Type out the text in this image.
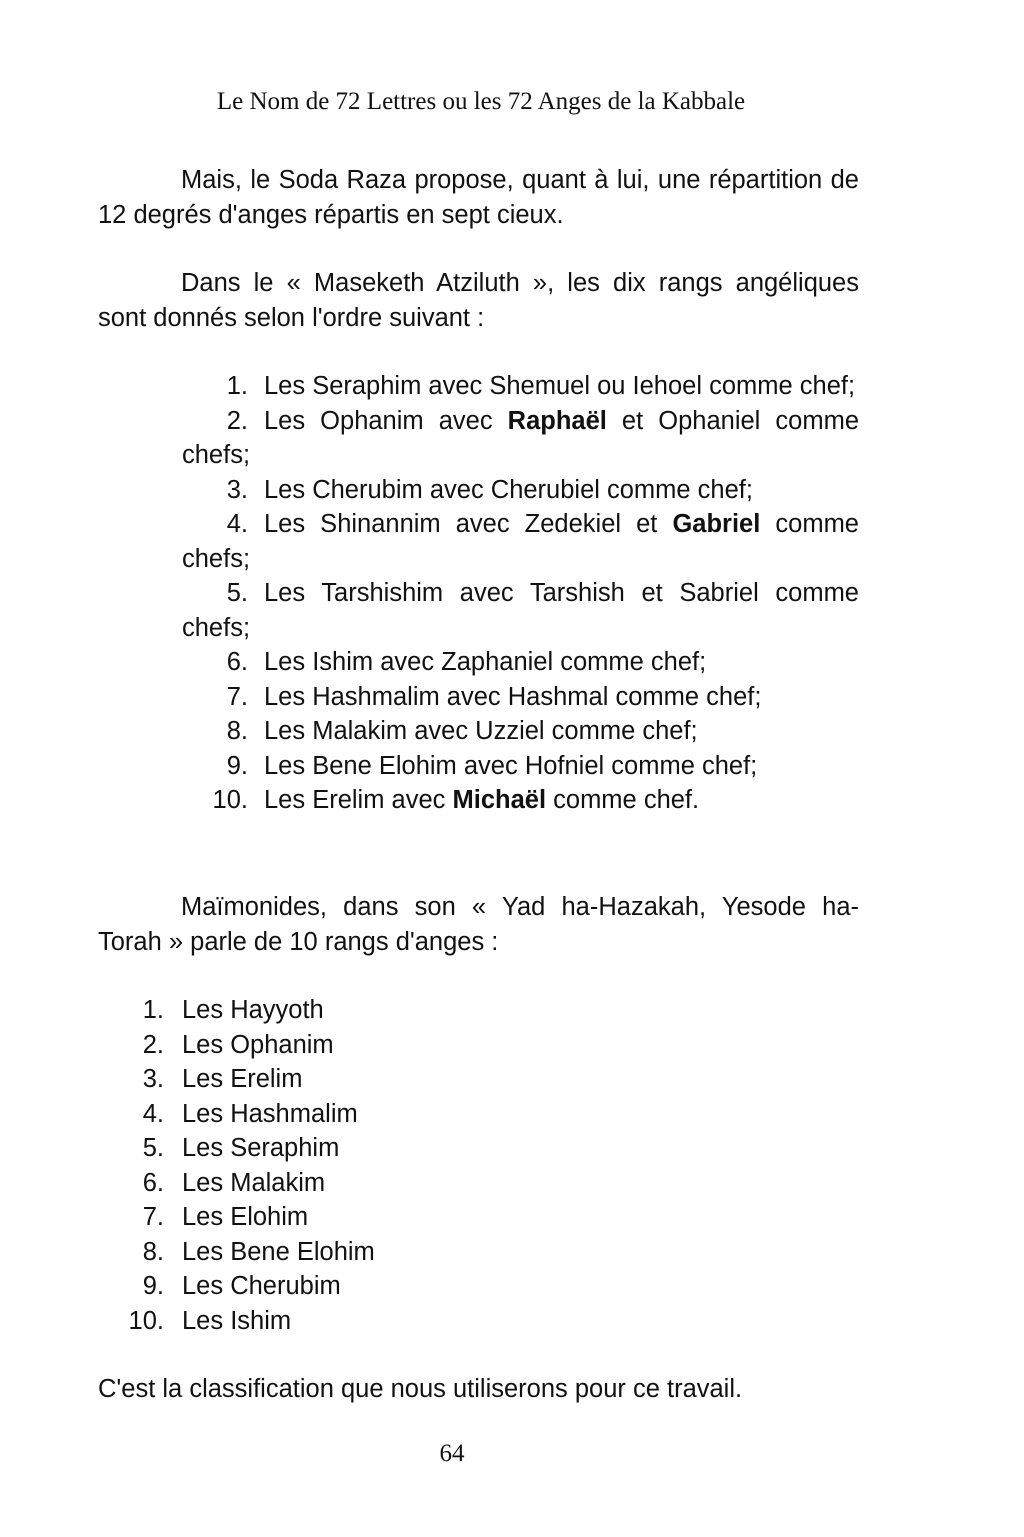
Le Nom de 72 Lettres ou les 72 Anges de la Kabbale

Mais, le Soda Raza propose, quant à lui, une répartition de 12 degrés d'anges répartis en sept cieux.

Dans le « Maseketh Atziluth », les dix rangs angéliques sont donnés selon l'ordre suivant :

1. Les Seraphim avec Shemuel ou Iehoel comme chef;
2. Les Ophanim avec Raphaël et Ophaniel comme chefs;
3. Les Cherubim avec Cherubiel comme chef;
4. Les Shinannim avec Zedekiel et Gabriel comme chefs;
5. Les Tarshishim avec Tarshish et Sabriel comme chefs;
6. Les Ishim avec Zaphaniel comme chef;
7. Les Hashmalim avec Hashmal comme chef;
8. Les Malakim avec Uzziel comme chef;
9. Les Bene Elohim avec Hofniel comme chef;
10. Les Erelim avec Michaël comme chef.

Maïmonides, dans son « Yad ha-Hazakah, Yesode ha-Torah » parle de 10 rangs d'anges :

1. Les Hayyoth
2. Les Ophanim
3. Les Erelim
4. Les Hashmalim
5. Les Seraphim
6. Les Malakim
7. Les Elohim
8. Les Bene Elohim
9. Les Cherubim
10. Les Ishim

C'est la classification que nous utiliserons pour ce travail.

64
